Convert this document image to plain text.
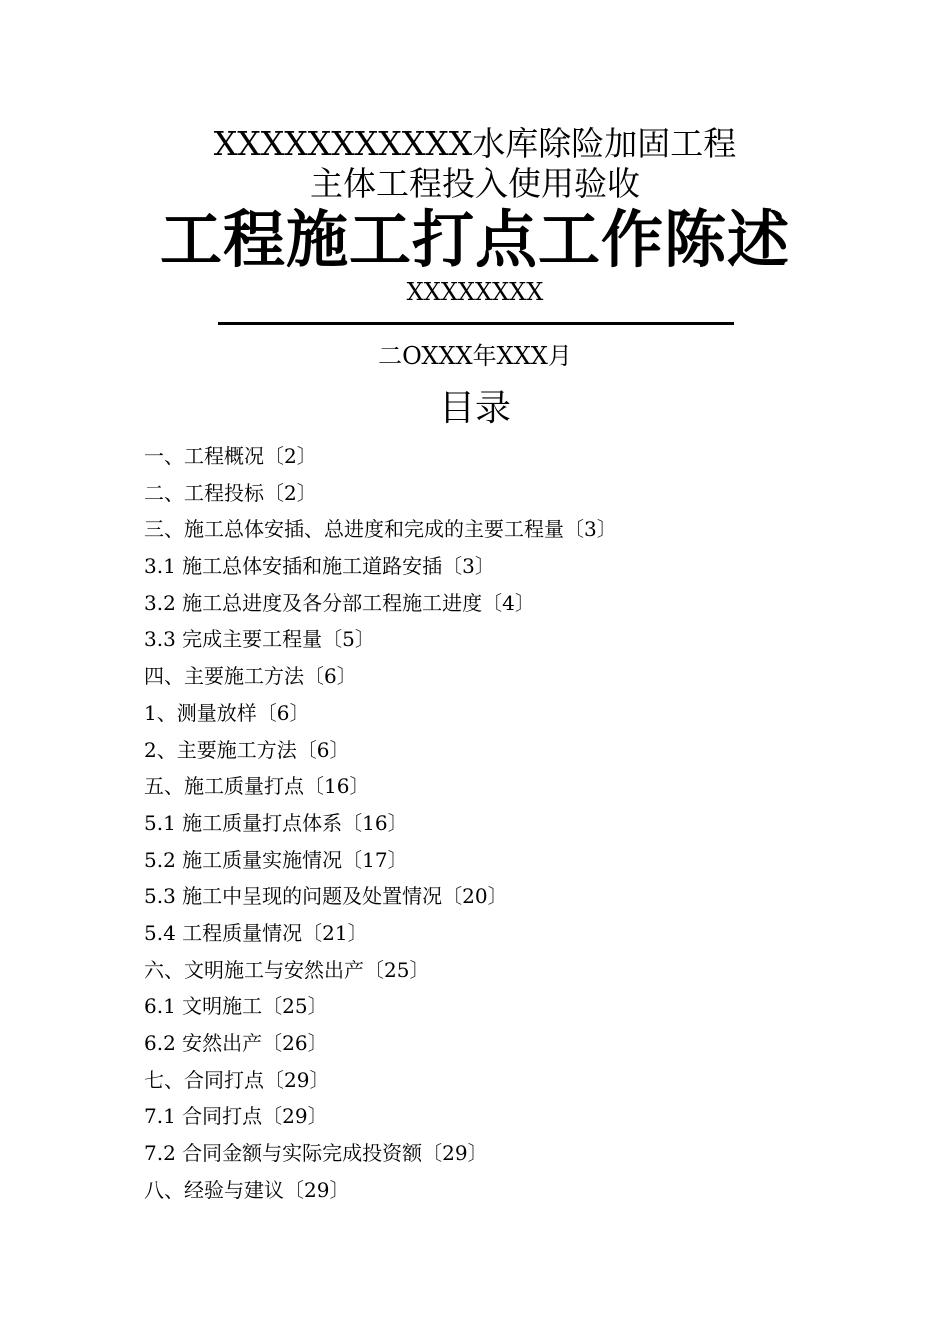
XXXXXXXXXXX水库除险加固工程
主体工程投入使用验收
工程施工打点工作陈述
XXXXXXXX
二OXXX年XXX月
目录
一、工程概况〔2〕
二、工程投标〔2〕
三、施工总体安插、总进度和完成的主要工程量〔3〕
3.1 施工总体安插和施工道路安插〔3〕
3.2 施工总进度及各分部工程施工进度〔4〕
3.3 完成主要工程量〔5〕
四、主要施工方法〔6〕
1、测量放样〔6〕
2、主要施工方法〔6〕
五、施工质量打点〔16〕
5.1 施工质量打点体系〔16〕
5.2 施工质量实施情况〔17〕
5.3 施工中呈现的问题及处置情况〔20〕
5.4 工程质量情况〔21〕
六、文明施工与安然出产〔25〕
6.1 文明施工〔25〕
6.2 安然出产〔26〕
七、合同打点〔29〕
7.1 合同打点〔29〕
7.2 合同金额与实际完成投资额〔29〕
八、经验与建议〔29〕
